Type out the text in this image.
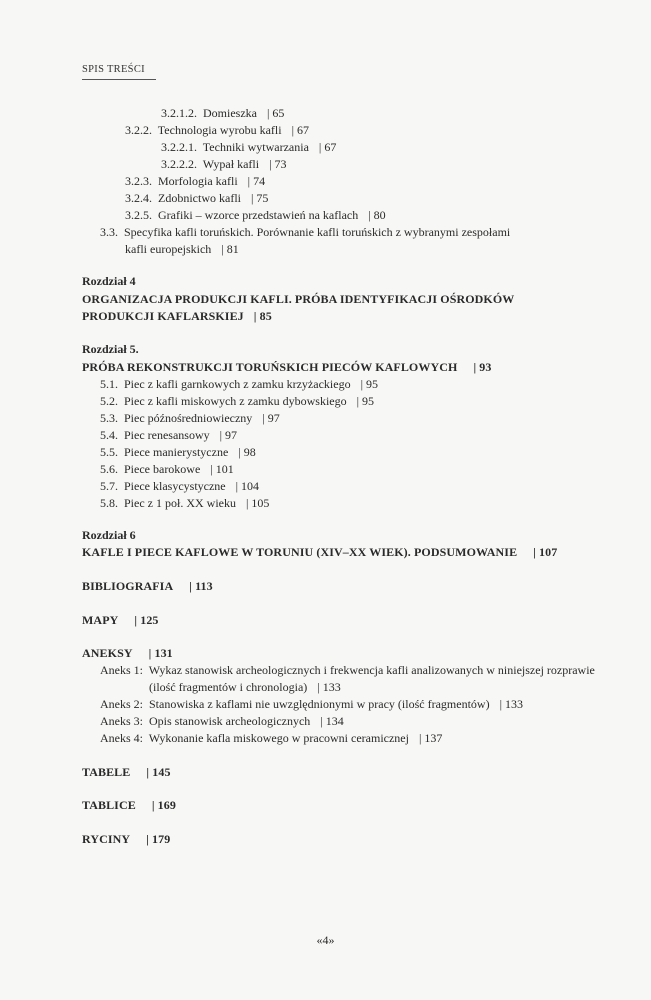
SPIS TREŚCI
3.2.1.2. Domieszka | 65
3.2.2. Technologia wyrobu kafli | 67
3.2.2.1. Techniki wytwarzania | 67
3.2.2.2. Wypał kafli | 73
3.2.3. Morfologia kafli | 74
3.2.4. Zdobnictwo kafli | 75
3.2.5. Grafiki – wzorce przedstawień na kaflach | 80
3.3. Specyfika kafli toruńskich. Porównanie kafli toruńskich z wybranymi zespołami
kafli europejskich | 81
Rozdział 4
ORGANIZACJA PRODUKCJI KAFLI. PRÓBA IDENTYFIKACJI OŚRODKÓW
PRODUKCJI KAFLARSKIEJ | 85
Rozdział 5.
PRÓBA REKONSTRUKCJI TORUŃSKICH PIECÓW KAFLOWYCH | 93
5.1. Piec z kafli garnkowych z zamku krzyżackiego | 95
5.2. Piec z kafli miskowych z zamku dybowskiego | 95
5.3. Piec późnośredniowieczny | 97
5.4. Piec renesansowy | 97
5.5. Piece manierystyczne | 98
5.6. Piece barokowe | 101
5.7. Piece klasycystyczne | 104
5.8. Piec z 1 poł. XX wieku | 105
Rozdział 6
KAFLE I PIECE KAFLOWE W TORUNIU (XIV–XX WIEK). PODSUMOWANIE | 107
BIBLIOGRAFIA | 113
MAPY | 125
ANEKSY | 131
Aneks 1: Wykaz stanowisk archeologicznych i frekwencja kafli analizowanych w niniejszej rozprawie
(ilość fragmentów i chronologia) | 133
Aneks 2: Stanowiska z kaflami nie uwzględnionymi w pracy (ilość fragmentów) | 133
Aneks 3: Opis stanowisk archeologicznych | 134
Aneks 4: Wykonanie kafla miskowego w pracowni ceramicznej | 137
TABELE | 145
TABLICE | 169
RYCINY | 179
«4»
